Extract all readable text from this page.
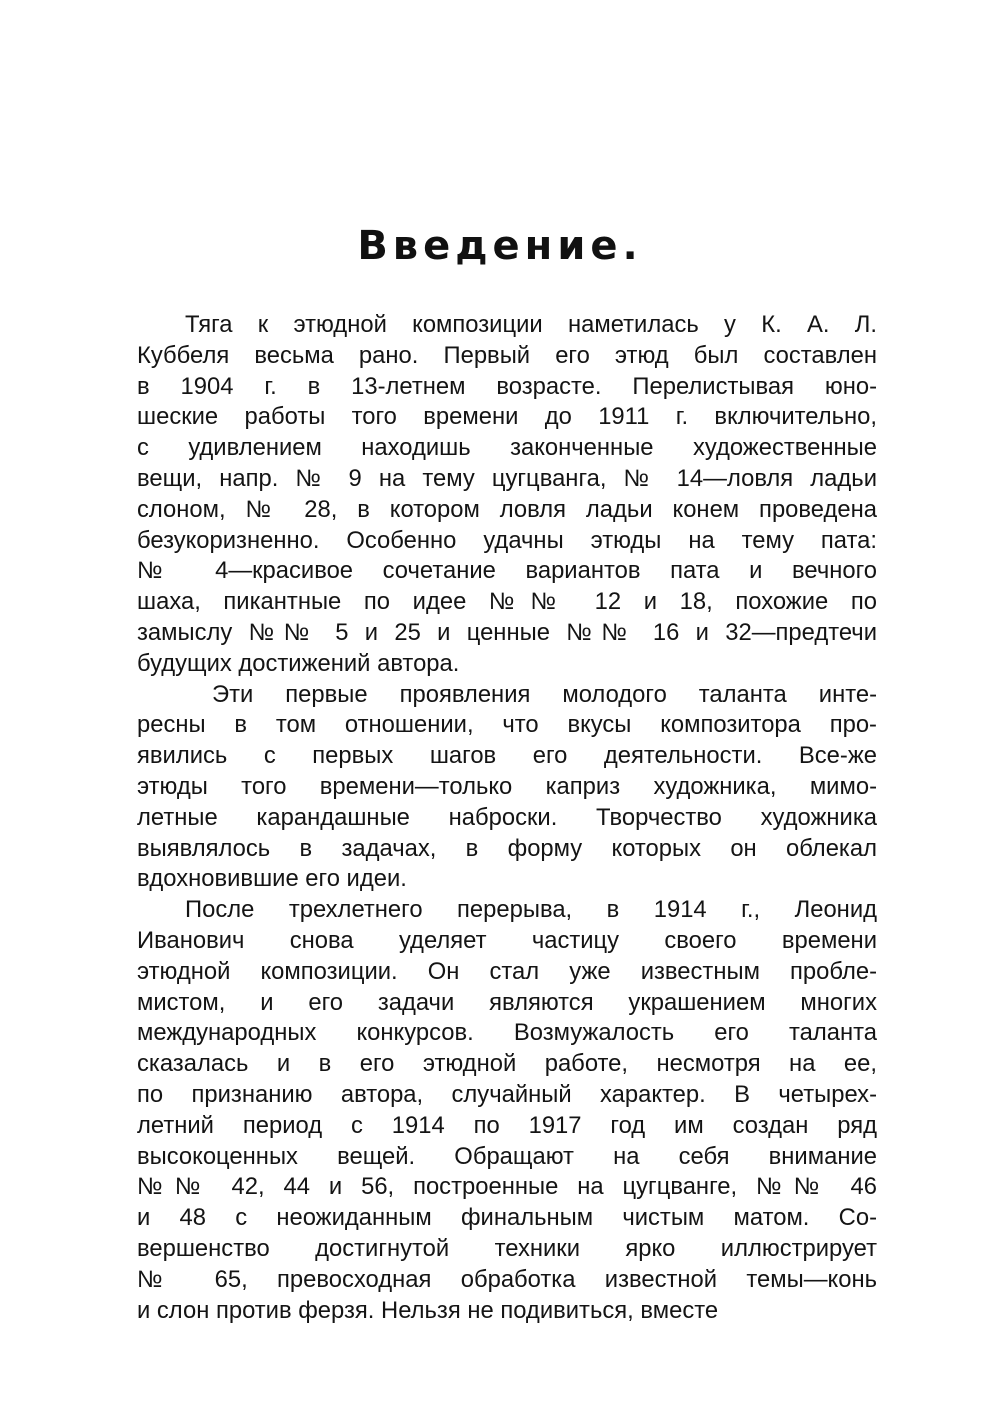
Введение.
Тяга к этюдной композиции наметилась у К. А. Л.
Куббеля весьма рано. Первый его этюд был составлен
в 1904 г. в 13-летнем возрасте. Перелистывая юно-
шеские работы того времени до 1911 г. включительно,
с удивлением находишь законченные художественные
вещи, напр. № 9 на тему цугцванга, № 14—ловля ладьи
слоном, № 28, в котором ловля ладьи конем проведена
безукоризненно. Особенно удачны этюды на тему пата:
№ 4—красивое сочетание вариантов пата и вечного
шаха, пикантные по идее №№ 12 и 18, похожие по
замыслу №№ 5 и 25 и ценные №№ 16 и 32—предтечи
будущих достижений автора.
Эти первые проявления молодого таланта инте-
ресны в том отношении, что вкусы композитора про-
явились с первых шагов его деятельности. Все-же
этюды того времени—только каприз художника, мимо-
летные карандашные наброски. Творчество художника
выявлялось в задачах, в форму которых он облекал
вдохновившие его идеи.
После трехлетнего перерыва, в 1914 г., Леонид
Иванович снова уделяет частицу своего времени
этюдной композиции. Он стал уже известным пробле-
мистом, и его задачи являются украшением многих
международных конкурсов. Возмужалость его таланта
сказалась и в его этюдной работе, несмотря на ее,
по признанию автора, случайный характер. В четырех-
летний период с 1914 по 1917 год им создан ряд
высокоценных вещей. Обращают на себя внимание
№№ 42, 44 и 56, построенные на цугцванге, №№ 46
и 48 с неожиданным финальным чистым матом. Со-
вершенство достигнутой техники ярко иллюстрирует
№ 65, превосходная обработка известной темы—конь
и слон против ферзя. Нельзя не подивиться, вместе
